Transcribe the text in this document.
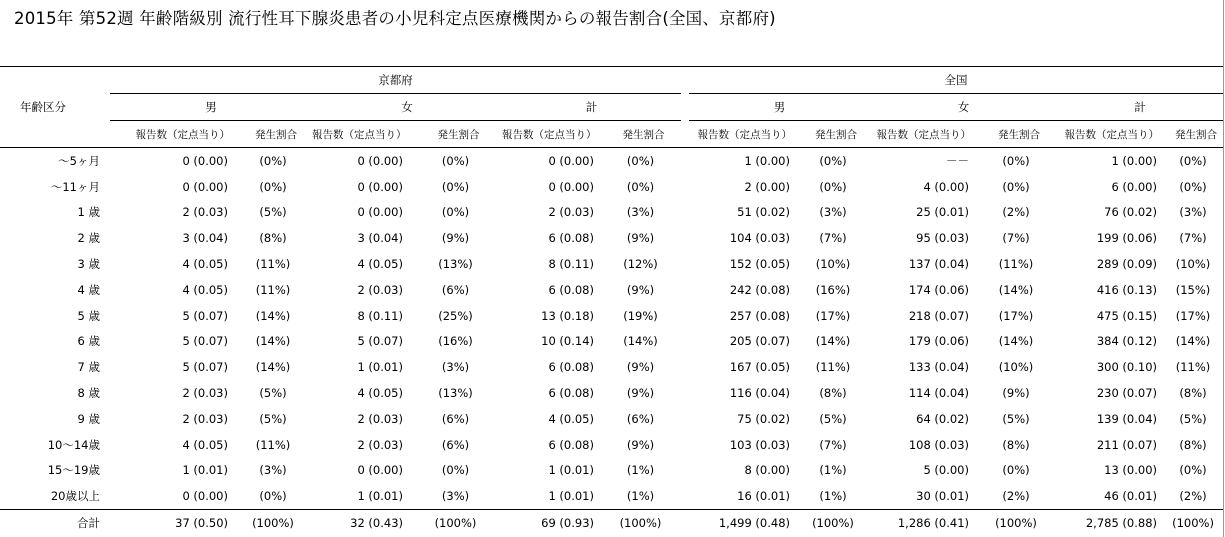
2015年 第52週 年齢階級別 流行性耳下腺炎患者の小児科定点医療機関からの報告割合(全国、京都府)
年齢区分	京都府							全国					
	男		女		計			男		女		計	
	報告数（定点当り）	発生割合	報告数（定点当り）	発生割合	報告数（定点当り）	発生割合		報告数（定点当り）	発生割合	報告数（定点当り）	発生割合	報告数（定点当り）	発生割合
〜5ヶ月	0 (0.00)	(0%)	0 (0.00)	(0%)	0 (0.00)	(0%)		1 (0.00)	(0%)	－－	(0%)	1 (0.00)	(0%)
〜11ヶ月	0 (0.00)	(0%)	0 (0.00)	(0%)	0 (0.00)	(0%)		2 (0.00)	(0%)	4 (0.00)	(0%)	6 (0.00)	(0%)
1 歳	2 (0.03)	(5%)	0 (0.00)	(0%)	2 (0.03)	(3%)		51 (0.02)	(3%)	25 (0.01)	(2%)	76 (0.02)	(3%)
2 歳	3 (0.04)	(8%)	3 (0.04)	(9%)	6 (0.08)	(9%)		104 (0.03)	(7%)	95 (0.03)	(7%)	199 (0.06)	(7%)
3 歳	4 (0.05)	(11%)	4 (0.05)	(13%)	8 (0.11)	(12%)		152 (0.05)	(10%)	137 (0.04)	(11%)	289 (0.09)	(10%)
4 歳	4 (0.05)	(11%)	2 (0.03)	(6%)	6 (0.08)	(9%)		242 (0.08)	(16%)	174 (0.06)	(14%)	416 (0.13)	(15%)
5 歳	5 (0.07)	(14%)	8 (0.11)	(25%)	13 (0.18)	(19%)		257 (0.08)	(17%)	218 (0.07)	(17%)	475 (0.15)	(17%)
6 歳	5 (0.07)	(14%)	5 (0.07)	(16%)	10 (0.14)	(14%)		205 (0.07)	(14%)	179 (0.06)	(14%)	384 (0.12)	(14%)
7 歳	5 (0.07)	(14%)	1 (0.01)	(3%)	6 (0.08)	(9%)		167 (0.05)	(11%)	133 (0.04)	(10%)	300 (0.10)	(11%)
8 歳	2 (0.03)	(5%)	4 (0.05)	(13%)	6 (0.08)	(9%)		116 (0.04)	(8%)	114 (0.04)	(9%)	230 (0.07)	(8%)
9 歳	2 (0.03)	(5%)	2 (0.03)	(6%)	4 (0.05)	(6%)		75 (0.02)	(5%)	64 (0.02)	(5%)	139 (0.04)	(5%)
10〜14歳	4 (0.05)	(11%)	2 (0.03)	(6%)	6 (0.08)	(9%)		103 (0.03)	(7%)	108 (0.03)	(8%)	211 (0.07)	(8%)
15〜19歳	1 (0.01)	(3%)	0 (0.00)	(0%)	1 (0.01)	(1%)		8 (0.00)	(1%)	5 (0.00)	(0%)	13 (0.00)	(0%)
20歳以上	0 (0.00)	(0%)	1 (0.01)	(3%)	1 (0.01)	(1%)		16 (0.01)	(1%)	30 (0.01)	(2%)	46 (0.01)	(2%)
合計	37 (0.50)	(100%)	32 (0.43)	(100%)	69 (0.93)	(100%)		1,499 (0.48)	(100%)	1,286 (0.41)	(100%)	2,785 (0.88)	(100%)
